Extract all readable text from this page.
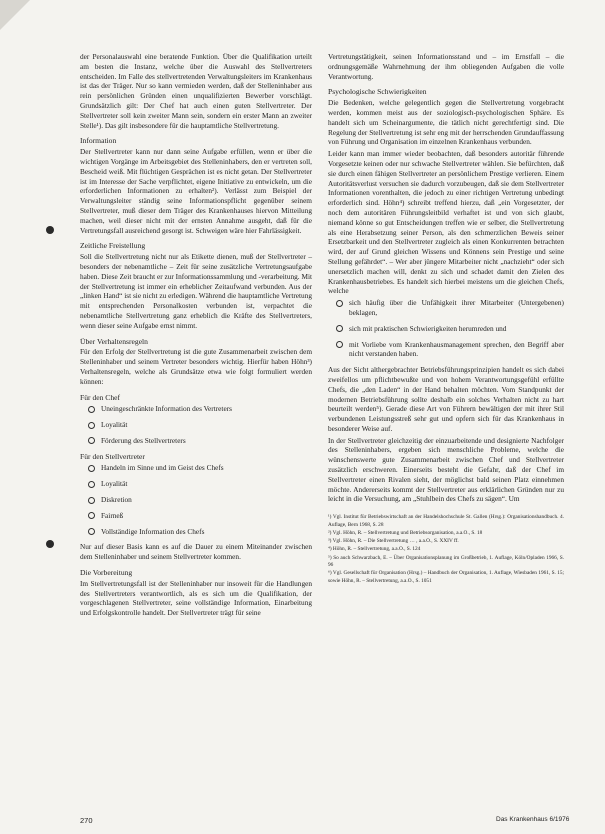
der Personalauswahl eine beratende Funktion. Über die Qualifikation urteilt am besten die Instanz, welche über die Auswahl des Stellvertreters entscheiden. Im Falle des stellvertretenden Verwaltungsleiters im Krankenhaus ist das der Träger. Nur so kann vermieden werden, daß der Stelleninhaber aus rein persönlichen Gründen einen unqualifizierten Bewerber vorschlägt. Grundsätzlich gilt: Der Chef hat auch einen guten Stellvertreter. Der Stellvertreter soll kein zweiter Mann sein, sondern ein erster Mann an zweiter Stelle¹). Das gilt insbesondere für die hauptamtliche Stellvertretung.

Information

Der Stellvertreter kann nur dann seine Aufgabe erfüllen, wenn er über die wichtigen Vorgänge im Arbeitsgebiet des Stelleninhabers, den er vertreten soll, Bescheid weiß. Mit flüchtigen Gesprächen ist es nicht getan. Der Stellvertreter ist im Interesse der Sache verpflichtet, eigene Initiative zu entwickeln, um die erforderlichen Informationen zu erhalten²). Verlässt zum Beispiel der Verwaltungsleiter ständig seine Informationspflicht gegenüber seinem Stellvertreter, muß dieser dem Träger des Krankenhauses hiervon Mitteilung machen, weil dieser nicht mit der ernsten Annahme ausgeht, daß für die Vertretungsfall ausreichend gesorgt ist. Schweigen wäre hier Fahrlässigkeit.

Zeitliche Freistellung

Soll die Stellvertretung nicht nur als Etikette dienen, muß der Stellvertreter – besonders der nebenamtliche – Zeit für seine zusätzliche Vertretungsaufgabe haben. Diese Zeit braucht er zur Informationssammlung und -verarbeitung. Mit der Stellvertretung ist immer ein erheblicher Zeitaufwand verbunden. Aus der „linken Hand“ ist sie nicht zu erledigen. Während die hauptamtliche Vertretung mit entsprechenden Personalkosten verbunden ist, verpachtet die nebenamtliche Stellvertretung ganz erheblich die Kräfte des Stellvertreters, wenn dieser seine Aufgabe ernst nimmt.

Über Verhaltensregeln

Für den Erfolg der Stellvertretung ist die gute Zusammenarbeit zwischen dem Stelleninhaber und seinem Vertreter besonders wichtig. Hierfür haben Höhn³) Verhaltensregeln, welche als Grundsätze etwa wie folgt formuliert werden können:

Für den Chef
Uneingeschränkte Information des Vertreters
Loyalität
Förderung des Stellvertreters
Für den Stellvertreter
Handeln im Sinne und im Geist des Chefs
Loyalität
Diskretion
Fairneß
Vollständige Information des Chefs

Nur auf dieser Basis kann es auf die Dauer zu einem Miteinander zwischen dem Stelleninhaber und seinem Stellvertreter kommen.

Die Vorbereitung

Im Stellvertretungsfall ist der Stelleninhaber nur insoweit für die Handlungen des Stellvertreters verantwortlich, als es sich um die Qualifikation, der vorgeschlagenen Stellvertreter, seine vollständige Information, Einarbeitung und Erfolgskontrolle handelt. Der Stellvertreter trägt für seine

Vertretungstätigkeit, seinen Informationsstand und – im Ernstfall – die ordnungsgemäße Wahrnehmung der ihm obliegenden Aufgaben die volle Verantwortung.

Psychologische Schwierigkeiten

Die Bedenken, welche gelegentlich gegen die Stellvertretung vorgebracht werden, kommen meist aus der soziologisch-psychologischen Sphäre. Es handelt sich um Scheinargumente, die tätlich nicht gerechtfertigt sind. Die Regelung der Stellvertretung ist sehr eng mit der herrschenden Grundauffassung von Führung und Organisation im einzelnen Krankenhaus verbunden.

Leider kann man immer wieder beobachten, daß besonders autoritär führende Vorgesetzte keinen oder nur schwache Stellvertreter wählen. Sie befürchten, daß sie durch einen fähigen Stellvertreter an persönlichem Prestige verlieren. Einem Autoritätsverlust versuchen sie dadurch vorzubeugen, daß sie dem Stellvertreter Informationen vorenthalten, die jedoch zu einer richtigen Vertretung unbedingt erforderlich sind. Höhn⁴) schreibt treffend hierzu, daß „ein Vorgesetzter, der noch dem autoritären Führungsleitbild verhaftet ist und von sich glaubt, niemand könne so gut Entscheidungen treffen wie er selber, die Stellvertretung als eine Herabsetzung seiner Person, als den schmerzlichen Beweis seiner Ersetzbarkeit und den Stellvertreter zugleich als einen Konkurrenten betrachten wird, der auf Grund gleichen Wissens und Könnens sein Prestige und seine Stellung gefährdet“. – Wer aber jüngere Mitarbeiter nicht „nachzieht“ oder sich unersetzlich machen will, denkt zu sich und schadet damit den Zielen des Krankenhausbetriebes. Es handelt sich hierbei meistens um die gleichen Chefs, welche

sich häufig über die Unfähigkeit ihrer Mitarbeiter (Untergebenen) beklagen,
sich mit praktischen Schwierigkeiten herumreden und
mit Vorliebe vom Krankenhausmanagement sprechen, den Begriff aber nicht verstanden haben.

Aus der Sicht althergebrachter Betriebsführungsprinzipien handelt es sich dabei zweifellos um pflichtbewußte und von hohem Verantwortungsgefühl erfüllte Chefs, die „den Laden“ in der Hand behalten möchten. Vom Standpunkt der modernen Betriebsführung sollte deshalb ein solches Verhalten nicht zu hart beurteilt werden⁵). Gerade diese Art von Führern bewältigen der mit ihrer Stil verbundenen Leistungsstreß sehr gut und opfern sich für das Krankenhaus in besonderer Weise auf.

In der Stellvertreter gleichzeitig der einzuarbeitende und designierte Nachfolger des Stelleninhabers, ergeben sich menschliche Probleme, welche die wünschenswerte gute Zusammenarbeit zwischen Chef und Stellvertreter zusätzlich erschweren. Einerseits besteht die Gefahr, daß der Chef im Stellvertreter einen Rivalen sieht, der möglichst bald seinen Platz einnehmen möchte. Andererseits kommt der Stellvertreter aus erklärlichen Gründen nur zu leicht in die Versuchung, am „Stuhlbein des Chefs zu sägen“. Um

¹) Vgl. Institut für Betriebswirtschaft an der Handelshochschule St. Gallen (Hrsg.): Organisationshandbuch. 4. Auflage, Bern 1968, S. 28
²) Vgl. Höhn, R. – Stellvertretung und Betriebsorganisation, a.a.O., S. 18
³) Vgl. Höhn, R. – Die Stellvertretung … , a.a.O., S. XXIV ff.
⁴) Höhn, R. – Stellvertretung, a.a.O., S. 124
⁵) So auch Schwarzbach, E. – Über Organisationsplanung im Großbetrieb, 1. Auflage, Köln/Opladen 1966, S. 96
⁶) Vgl. Gesellschaft für Organisation (Hrsg.) – Handbuch der Organisation, 1. Auflage, Wiesbaden 1961, S. 15; sowie Höhn, R. – Stellvertretung, a.a.O., S. 1051
270	Das Krankenhaus 6/1976
